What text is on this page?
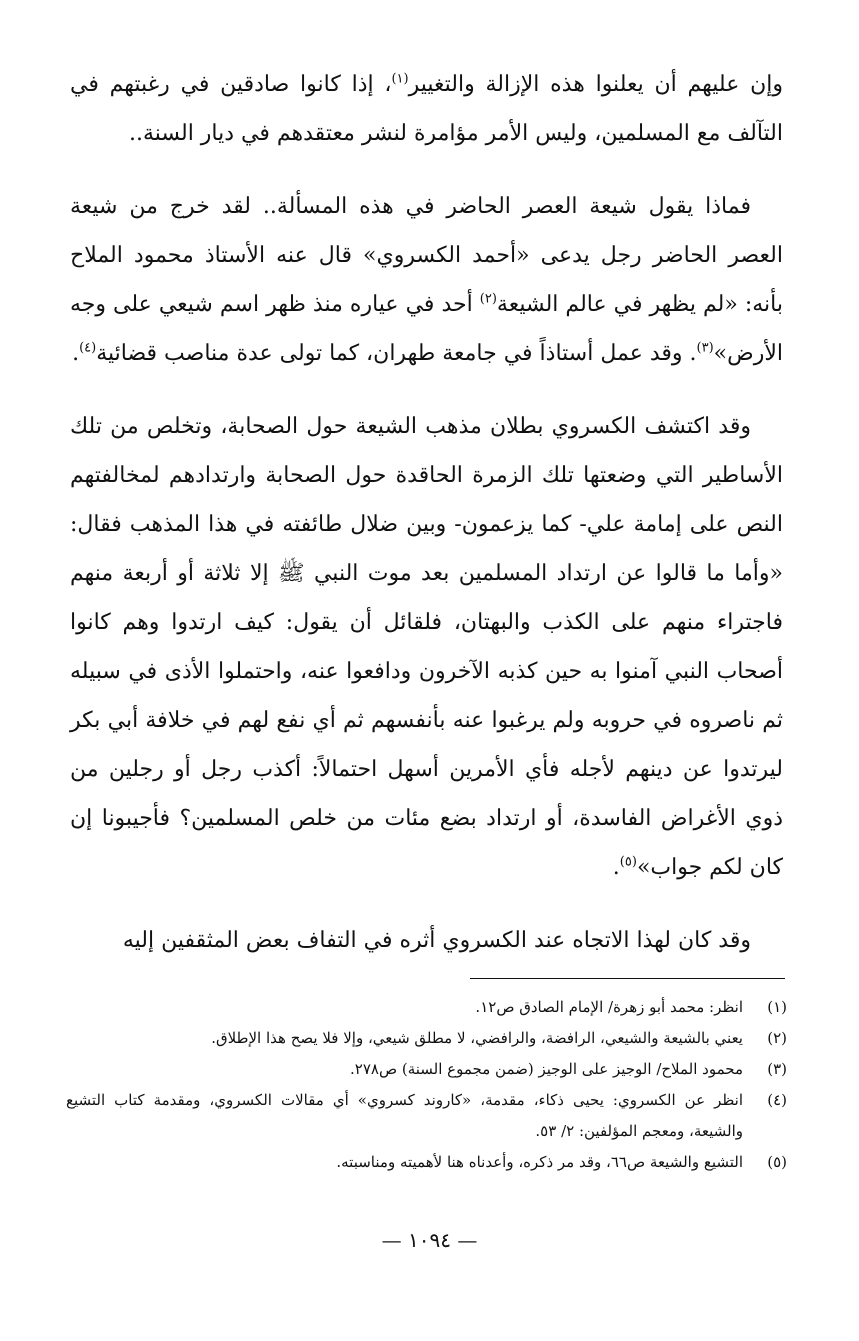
وإن عليهم أن يعلنوا هذه الإزالة والتغيير$^{(١)}$، إذا كانوا صادقين في رغبتهم في التآلف مع المسلمين، وليس الأمر مؤامرة لنشر معتقدهم في ديار السنة..

فماذا يقول شيعة العصر الحاضر في هذه المسألة.. لقد خرج من شيعة العصر الحاضر رجل يدعى «أحمد الكسروي» قال عنه الأستاذ محمود الملاح بأنه: «لم يظهر في عالم الشيعة$^{(٢)}$ أحد في عياره منذ ظهر اسم شيعي على وجه الأرض»$^{(٣)}$. وقد عمل أستاذاً في جامعة طهران، كما تولى عدة مناصب قضائية$^{(٤)}$.

وقد اكتشف الكسروي بطلان مذهب الشيعة حول الصحابة، وتخلص من تلك الأساطير التي وضعتها تلك الزمرة الحاقدة حول الصحابة وارتدادهم لمخالفتهم النص على إمامة علي- كما يزعمون- وبين ضلال طائفته في هذا المذهب فقال: «وأما ما قالوا عن ارتداد المسلمين بعد موت النبي ﷺ إلا ثلاثة أو أربعة منهم فاجتراء منهم على الكذب والبهتان، فلقائل أن يقول: كيف ارتدوا وهم كانوا أصحاب النبي آمنوا به حين كذبه الآخرون ودافعوا عنه، واحتملوا الأذى في سبيله ثم ناصروه في حروبه ولم يرغبوا عنه بأنفسهم ثم أي نفع لهم في خلافة أبي بكر ليرتدوا عن دينهم لأجله فأي الأمرين أسهل احتمالاً: أكذب رجل أو رجلين من ذوي الأغراض الفاسدة، أو ارتداد بضع مئات من خلص المسلمين؟ فأجيبونا إن كان لكم جواب»$^{(٥)}$.

وقد كان لهذا الاتجاه عند الكسروي أثره في التفاف بعض المثقفين إليه

(١)
انظر: محمد أبو زهرة/ الإمام الصادق ص١٢.
(٢)
يعني بالشيعة والشيعي، الرافضة، والرافضي، لا مطلق شيعي، وإلا فلا يصح هذا الإطلاق.
(٣)
محمود الملاح/ الوجيز على الوجيز (ضمن مجموع السنة) ص٢٧٨.
(٤)
انظر عن الكسروي: يحيى ذكاء، مقدمة، «كاروند كسروي» أي مقالات الكسروي، ومقدمة كتاب التشيع والشيعة، ومعجم المؤلفين: ٢/ ٥٣.
(٥)
التشيع والشيعة ص٦٦، وقد مر ذكره، وأعدناه هنا لأهميته ومناسبته.
— ١٠٩٤ —
